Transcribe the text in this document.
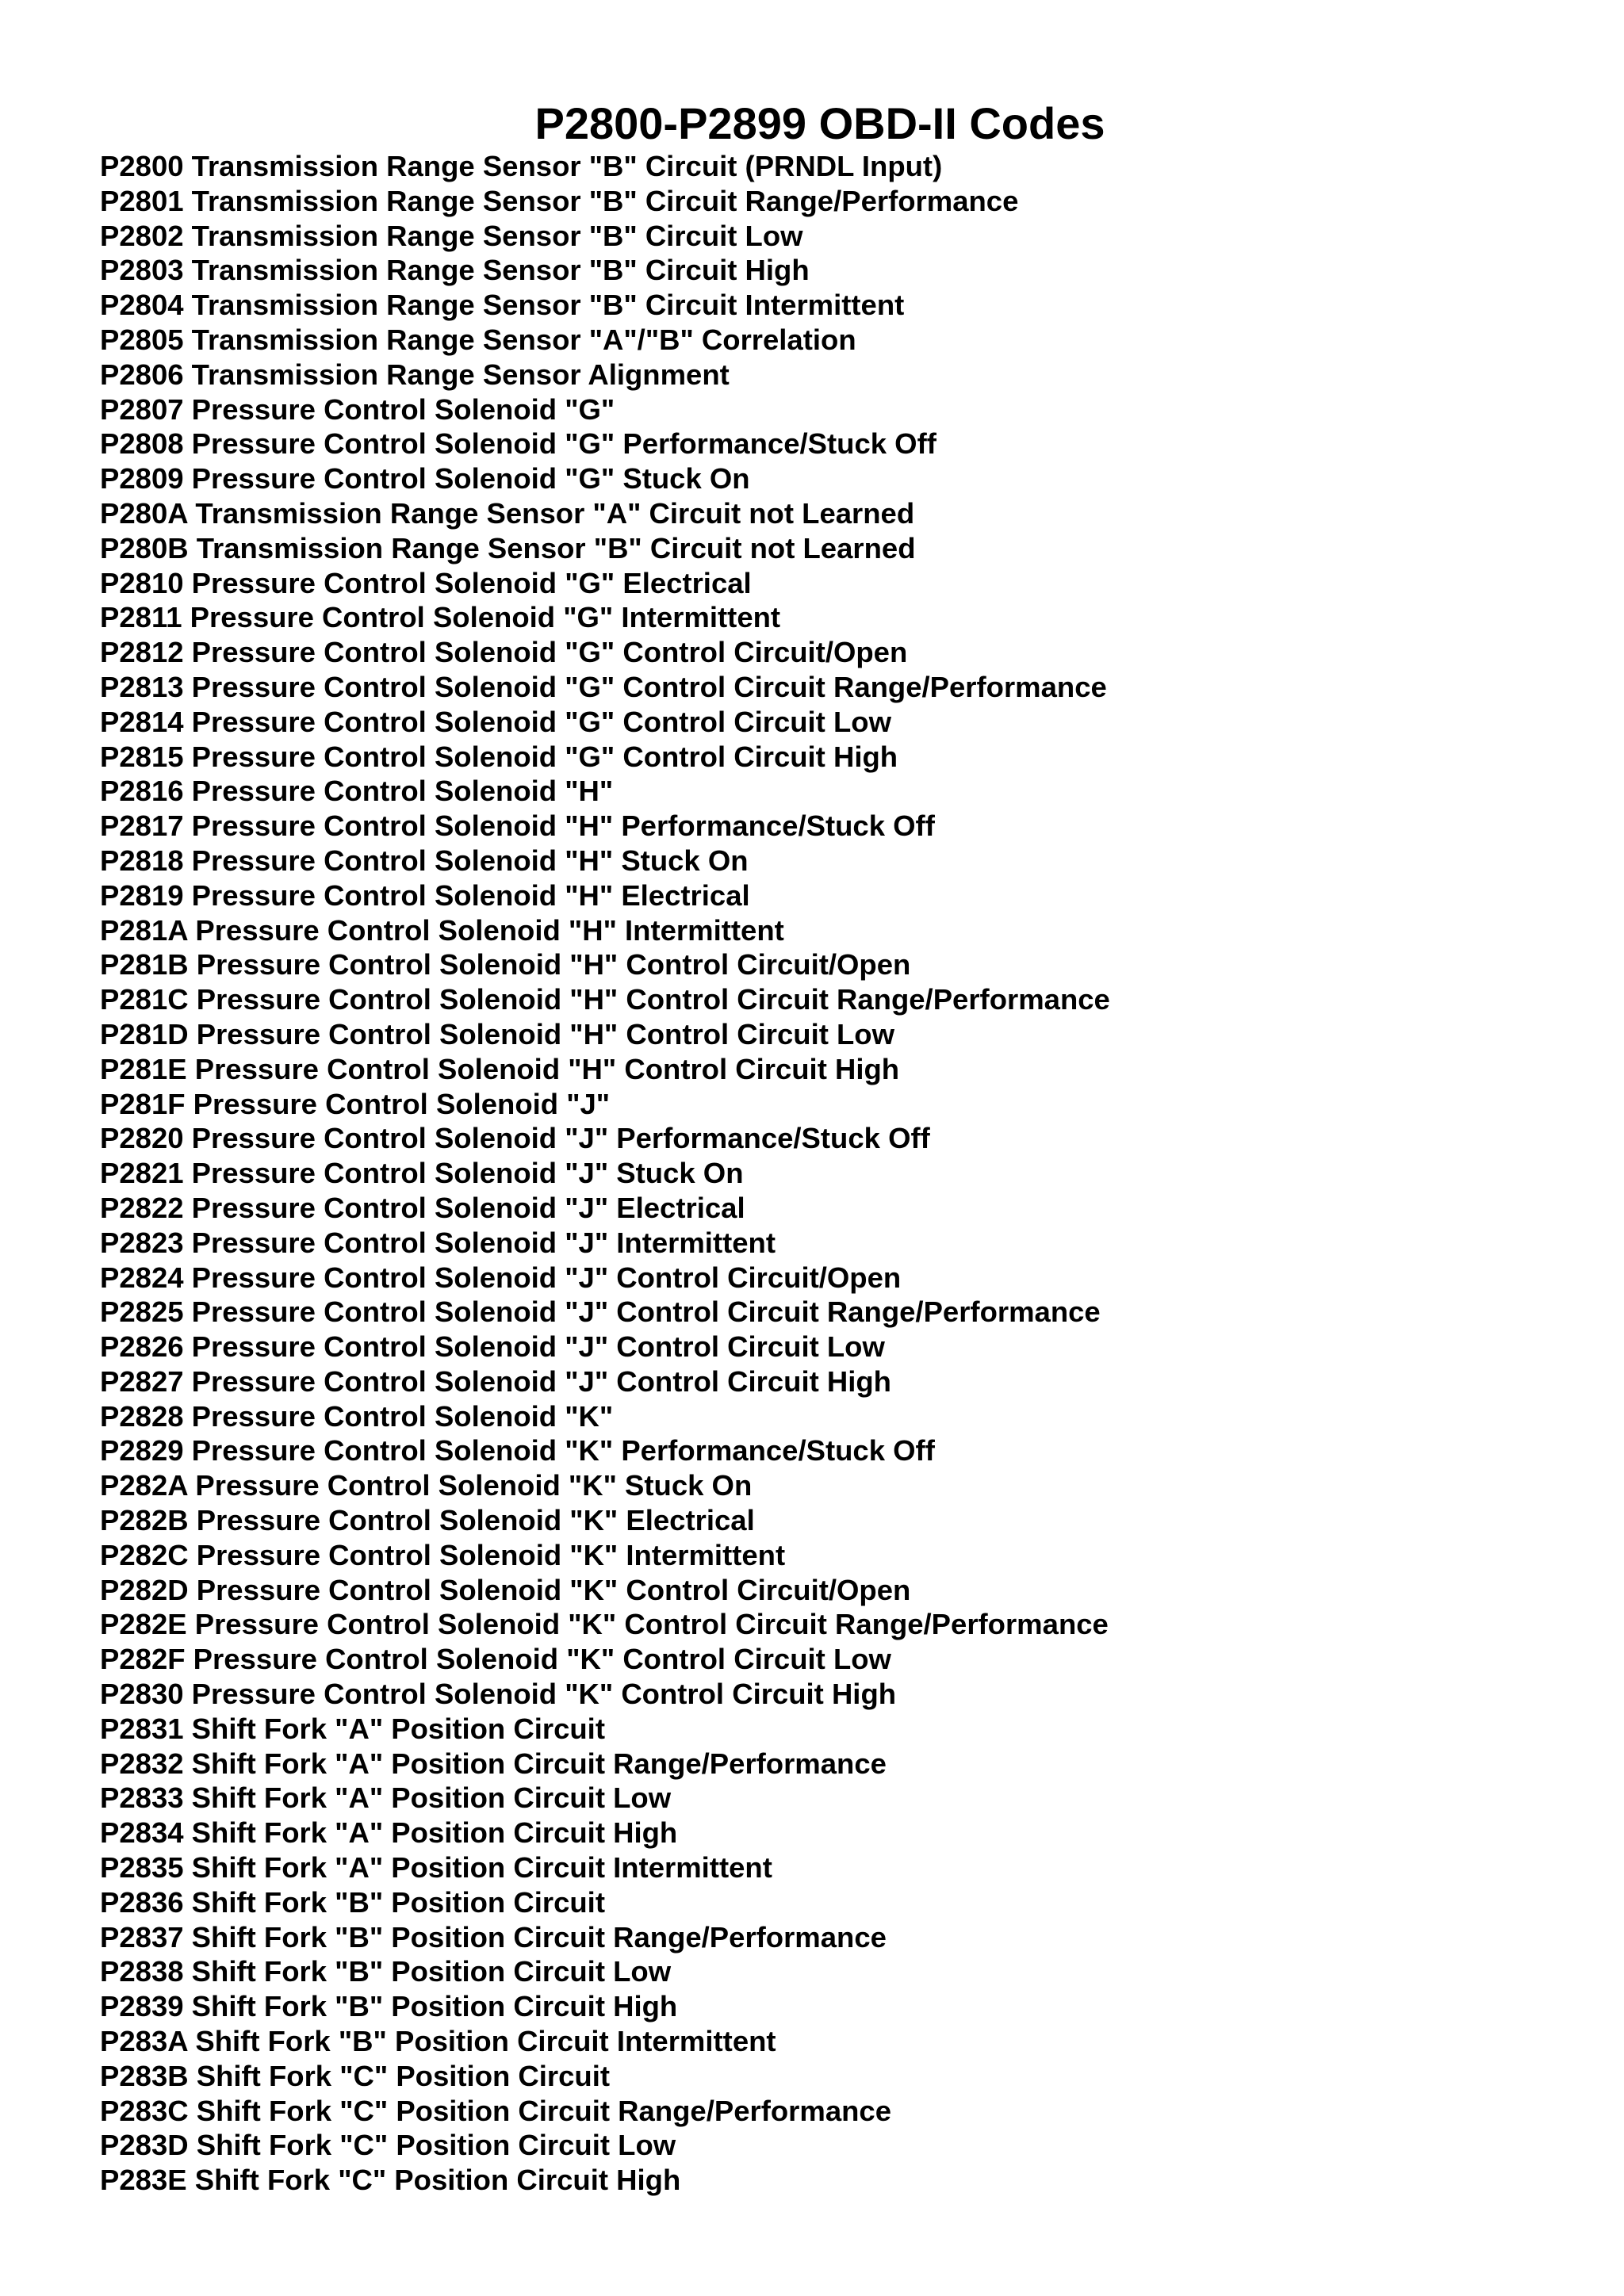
P2800-P2899 OBD-II Codes
P2800 Transmission Range Sensor "B" Circuit (PRNDL Input)
P2801 Transmission Range Sensor "B" Circuit Range/Performance
P2802 Transmission Range Sensor "B" Circuit Low
P2803 Transmission Range Sensor "B" Circuit High
P2804 Transmission Range Sensor "B" Circuit Intermittent
P2805 Transmission Range Sensor "A"/"B" Correlation
P2806 Transmission Range Sensor Alignment
P2807 Pressure Control Solenoid "G"
P2808 Pressure Control Solenoid "G" Performance/Stuck Off
P2809 Pressure Control Solenoid "G" Stuck On
P280A Transmission Range Sensor "A" Circuit not Learned
P280B Transmission Range Sensor "B" Circuit not Learned
P2810 Pressure Control Solenoid "G" Electrical
P2811 Pressure Control Solenoid "G" Intermittent
P2812 Pressure Control Solenoid "G" Control Circuit/Open
P2813 Pressure Control Solenoid "G" Control Circuit Range/Performance
P2814 Pressure Control Solenoid "G" Control Circuit Low
P2815 Pressure Control Solenoid "G" Control Circuit High
P2816 Pressure Control Solenoid "H"
P2817 Pressure Control Solenoid "H" Performance/Stuck Off
P2818 Pressure Control Solenoid "H" Stuck On
P2819 Pressure Control Solenoid "H" Electrical
P281A Pressure Control Solenoid "H" Intermittent
P281B Pressure Control Solenoid "H" Control Circuit/Open
P281C Pressure Control Solenoid "H" Control Circuit Range/Performance
P281D Pressure Control Solenoid "H" Control Circuit Low
P281E Pressure Control Solenoid "H" Control Circuit High
P281F Pressure Control Solenoid "J"
P2820 Pressure Control Solenoid "J" Performance/Stuck Off
P2821 Pressure Control Solenoid "J" Stuck On
P2822 Pressure Control Solenoid "J" Electrical
P2823 Pressure Control Solenoid "J" Intermittent
P2824 Pressure Control Solenoid "J" Control Circuit/Open
P2825 Pressure Control Solenoid "J" Control Circuit Range/Performance
P2826 Pressure Control Solenoid "J" Control Circuit Low
P2827 Pressure Control Solenoid "J" Control Circuit High
P2828 Pressure Control Solenoid "K"
P2829 Pressure Control Solenoid "K" Performance/Stuck Off
P282A Pressure Control Solenoid "K" Stuck On
P282B Pressure Control Solenoid "K" Electrical
P282C Pressure Control Solenoid "K" Intermittent
P282D Pressure Control Solenoid "K" Control Circuit/Open
P282E Pressure Control Solenoid "K" Control Circuit Range/Performance
P282F Pressure Control Solenoid "K" Control Circuit Low
P2830 Pressure Control Solenoid "K" Control Circuit High
P2831 Shift Fork "A" Position Circuit
P2832 Shift Fork "A" Position Circuit Range/Performance
P2833 Shift Fork "A" Position Circuit Low
P2834 Shift Fork "A" Position Circuit High
P2835 Shift Fork "A" Position Circuit Intermittent
P2836 Shift Fork "B" Position Circuit
P2837 Shift Fork "B" Position Circuit Range/Performance
P2838 Shift Fork "B" Position Circuit Low
P2839 Shift Fork "B" Position Circuit High
P283A Shift Fork "B" Position Circuit Intermittent
P283B Shift Fork "C" Position Circuit
P283C Shift Fork "C" Position Circuit Range/Performance
P283D Shift Fork "C" Position Circuit Low
P283E Shift Fork "C" Position Circuit High
